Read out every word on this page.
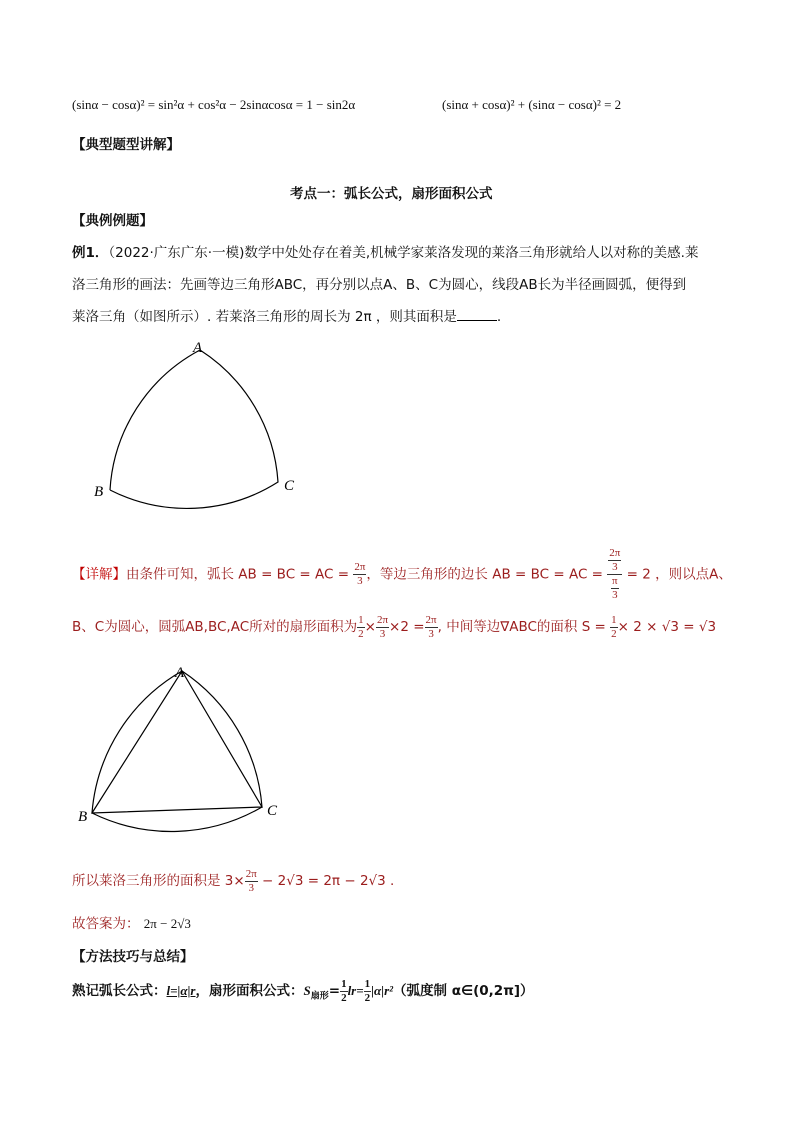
(sinα − cosα)² = sin²α + cos²α − 2sinαcosα = 1 − sin2α	(sinα + cosα)² + (sinα − cosα)² = 2
【典型题型讲解】
考点一：弧长公式，扇形面积公式
【典例例题】
例1．（2022·广东广东·一模)数学中处处存在着美,机械学家莱洛发现的莱洛三角形就给人以对称的美感.莱
洛三角形的画法：先画等边三角形ABC，再分别以点A、B、C为圆心，线段AB长为半径画圆弧，便得到
莱洛三角（如图所示）. 若莱洛三角形的周长为 2π ，则其面积是	.
A
B	C
【详解】由条件可知，弧长 AB = BC = AC = $\frac{2\pi}{3}$ ，等边三角形的边长 AB = BC = AC = $\frac{\frac{2\pi}{3}}{\frac{\pi}{3}} = 2$ ，则以点A、
B、C为圆心，圆弧AB,BC,AC所对的扇形面积为 $\frac{1}{2} \times \frac{2\pi}{3} \times 2 = \frac{2\pi}{3}$ , 中间等边∇ABC的面积 $S = \frac{1}{2} \times 2 \times √3 = √3$
A
B	C
所以莱洛三角形的面积是 $3\times \frac{2\pi}{3} - 2√3 = 2\pi - 2√3$ .
故答案为： 2π − 2√3
【方法技巧与总结】
熟记弧长公式：l=|α|r，扇形面积公式：$S_{扇形}= \frac{1}{2} lr= \frac{1}{2} |\alpha|r^2$（弧度制 α∈(0,2π]）
